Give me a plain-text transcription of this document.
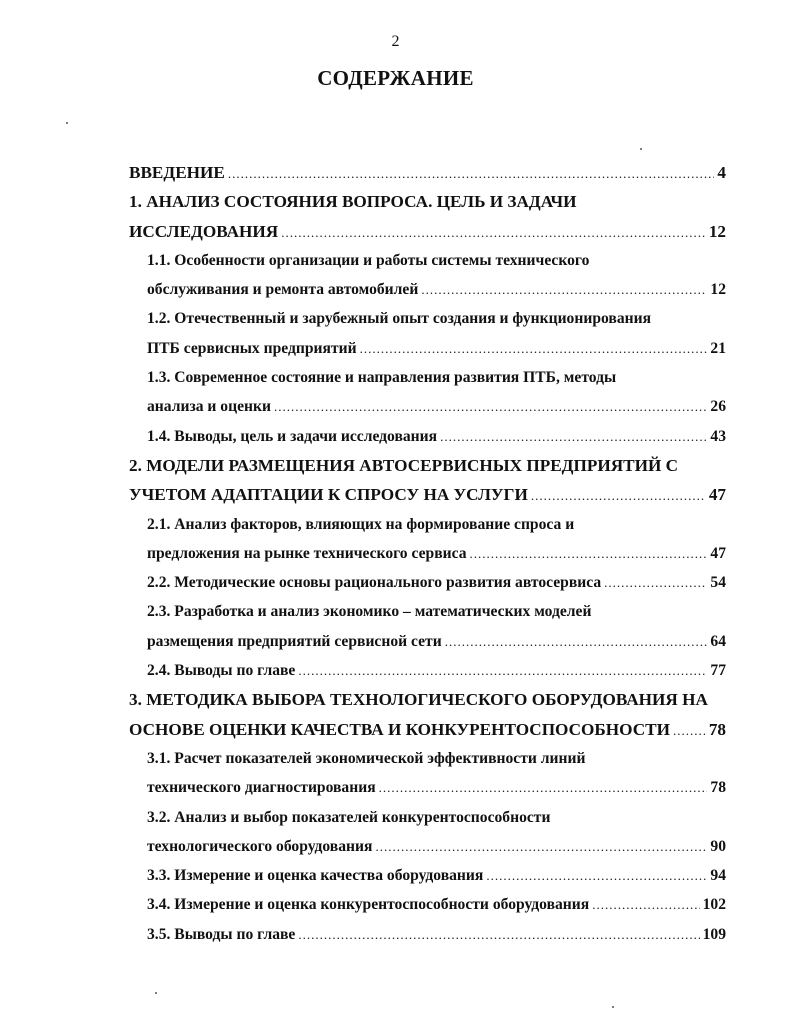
2
СОДЕРЖАНИЕ
ВВЕДЕНИЕ .....	4
1. АНАЛИЗ СОСТОЯНИЯ ВОПРОСА. ЦЕЛЬ И ЗАДАЧИ
ИССЛЕДОВАНИЯ .....	12
1.1. Особенности организации и работы системы технического
обслуживания и ремонта автомобилей .....	12
1.2. Отечественный и зарубежный опыт создания и функционирования
ПТБ сервисных предприятий .....	21
1.3. Современное состояние и направления развития ПТБ, методы
анализа и оценки .....	26
1.4. Выводы, цель и задачи исследования .....	43
2. МОДЕЛИ РАЗМЕЩЕНИЯ АВТОСЕРВИСНЫХ ПРЕДПРИЯТИЙ С
УЧЕТОМ АДАПТАЦИИ К СПРОСУ НА УСЛУГИ .....	47
2.1. Анализ факторов, влияющих на формирование спроса и
предложения на рынке технического сервиса .....	47
2.2. Методические основы рационального развития автосервиса .....	54
2.3. Разработка и анализ экономико – математических моделей
размещения предприятий сервисной сети .....	64
2.4. Выводы по главе .....	77
3. МЕТОДИКА ВЫБОРА ТЕХНОЛОГИЧЕСКОГО ОБОРУДОВАНИЯ НА
ОСНОВЕ ОЦЕНКИ КАЧЕСТВА И КОНКУРЕНТОСПОСОБНОСТИ ..... 78
3.1. Расчет показателей экономической эффективности линий
технического диагностирования .....	78
3.2. Анализ и выбор показателей конкурентоспособности
технологического оборудования .....	90
3.3. Измерение и оценка качества оборудования .....	94
3.4. Измерение и оценка конкурентоспособности оборудования .....	102
3.5. Выводы по главе .....	109
